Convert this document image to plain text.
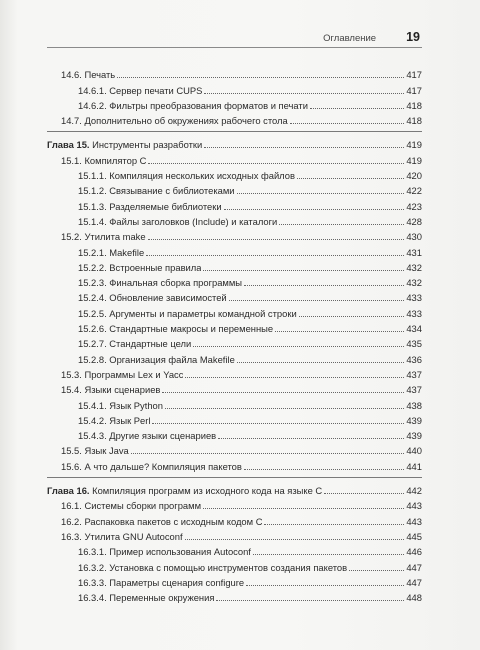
Оглавление 19
14.6. Печать	417
14.6.1. Сервер печати CUPS	417
14.6.2. Фильтры преобразования форматов и печати	418
14.7. Дополнительно об окружениях рабочего стола	418
Глава 15. Инструменты разработки	419
15.1. Компилятор С	419
15.1.1. Компиляция нескольких исходных файлов	420
15.1.2. Связывание с библиотеками	422
15.1.3. Разделяемые библиотеки	423
15.1.4. Файлы заголовков (Include) и каталоги	428
15.2. Утилита make	430
15.2.1. Makefile	431
15.2.2. Встроенные правила	432
15.2.3. Финальная сборка программы	432
15.2.4. Обновление зависимостей	433
15.2.5. Аргументы и параметры командной строки	433
15.2.6. Стандартные макросы и переменные	434
15.2.7. Стандартные цели	435
15.2.8. Организация файла Makefile	436
15.3. Программы Lex и Yacc	437
15.4. Языки сценариев	437
15.4.1. Язык Python	438
15.4.2. Язык Perl	439
15.4.3. Другие языки сценариев	439
15.5. Язык Java	440
15.6. А что дальше? Компиляция пакетов	441
Глава 16. Компиляция программ из исходного кода на языке С	442
16.1. Системы сборки программ	443
16.2. Распаковка пакетов с исходным кодом С	443
16.3. Утилита GNU Autoconf	445
16.3.1. Пример использования Autoconf	446
16.3.2. Установка с помощью инструментов создания пакетов	447
16.3.3. Параметры сценария configure	447
16.3.4. Переменные окружения	448
